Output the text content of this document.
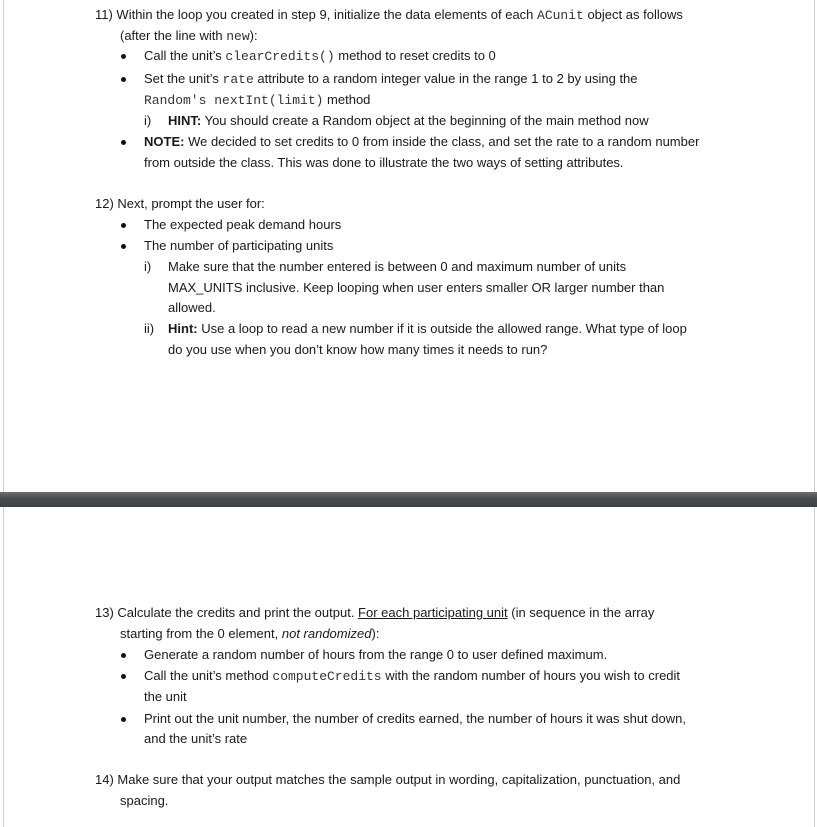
11) Within the loop you created in step 9, initialize the data elements of each ACunit object as follows
(after the line with new):
Call the unit’s clearCredits() method to reset credits to 0
Set the unit’s rate attribute to a random integer value in the range 1 to 2 by using the
Random's nextInt(limit) method
i) HINT: You should create a Random object at the beginning of the main method now
NOTE: We decided to set credits to 0 from inside the class, and set the rate to a random number
from outside the class. This was done to illustrate the two ways of setting attributes.
12) Next, prompt the user for:
The expected peak demand hours
The number of participating units
i) Make sure that the number entered is between 0 and maximum number of units
MAX_UNITS inclusive. Keep looping when user enters smaller OR larger number than
allowed.
ii) Hint: Use a loop to read a new number if it is outside the allowed range. What type of loop
do you use when you don’t know how many times it needs to run?
13) Calculate the credits and print the output. For each participating unit (in sequence in the array
starting from the 0 element, not randomized):
Generate a random number of hours from the range 0 to user defined maximum.
Call the unit’s method computeCredits with the random number of hours you wish to credit
the unit
Print out the unit number, the number of credits earned, the number of hours it was shut down,
and the unit’s rate
14) Make sure that your output matches the sample output in wording, capitalization, punctuation, and
spacing.
